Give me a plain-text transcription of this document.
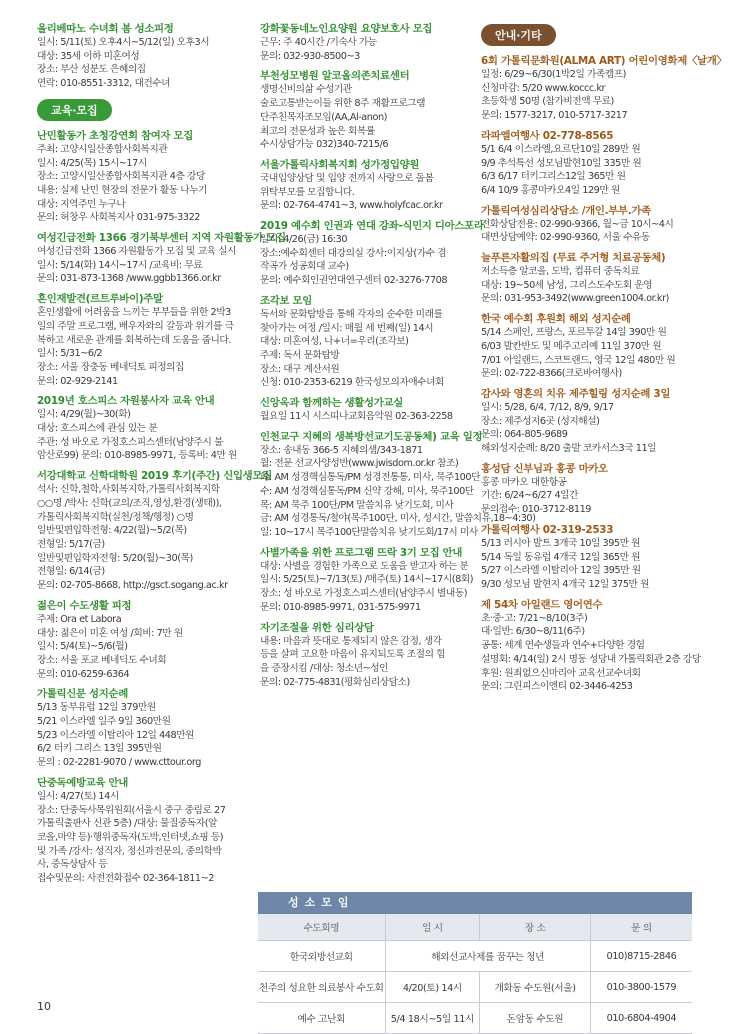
올리베따노 수녀회 봄 성소피정
일시: 5/11(토) 오후4시~5/12(일) 오후3시
대상: 35세 이하 미혼여성
장소: 부산 성분도 은혜의집
연락: 010-8551-3312, 대건수녀
교육·모집
난민활동가 초청강연회 참여자 모집
주최: 고양시일산종합사회복지관
일시: 4/25(목) 15시~17시
장소: 고양시일산종합사회복지관 4층 강당
내용: 실제 난민 현장의 전문가 활동 나누기
대상: 지역주민 누구나
문의: 허창우 사회복지사 031-975-3322
여성긴급전화 1366 경기북부센터 지역 자원활동가 모집
여성긴급전화 1366 자원활동가 모집 및 교육 실시
일시: 5/14(화) 14시~17시 /교육비: 무료
문의: 031-873-1368 /www.ggbb1366.or.kr
혼인재발견(르트루바이)주말
혼인생활에 어려움을 느끼는 부부들을 위한 2박3
일의 주말 프로그램, 배우자와의 갈등과 위기를 극
복하고 새로운 관계를 회복하는데 도움을 줍니다.
일시: 5/31~6/2
장소: 서울 장충동 베네딕토 피정의집
문의: 02-929-2141
2019년 호스피스 자원봉사자 교육 안내
일시: 4/29(월)~30(화)
대상: 호스피스에 관심 있는 분
주관: 성 바오로 가정호스피스센터(남양주시 불
암산로99) 문의: 010-8985-9971, 등록비: 4만 원
서강대학교 신학대학원 2019 후기(주간) 신입생모집
석사: 신학,철학,사회복지학,가톨릭사회복지학
○○명 /박사: 신학(교의/조직,영성,환경(생태)),
가톨릭사회복지학(실천/정책/행정) ○명
일반및편입학전형: 4/22(월)~5/2(목)
전형일: 5/17(금)
일반및편입학자전형: 5/20(월)~30(목)
전형일: 6/14(금)
문의: 02-705-8668, http://gsct.sogang.ac.kr
젊은이 수도생활 피정
주제: Ora et Labora
대상: 젊은이 미혼 여성 /회비: 7만 원
일시: 5/4(토)~5/6(월)
장소: 서울 포교 베네딕도 수녀회
문의: 010-6259-6364
가톨릭신문 성지순례
5/13 동부유럽 12일 379만원
5/21 이스라엘 일주 9일 360만원
5/23 이스라엘 이탈리아 12일 448만원
6/2 터키 그리스 13일 395만원
문의 : 02-2281-9070 / www.cttour.org
단중독예방교육 안내
일시: 4/27(토) 14시
장소: 단중독사목위원회(서울시 중구 중림로 27
가톨릭출판사 신관 5층) /대상: 물질중독자(알
코올,마약 등)·행위중독자(도박,인터넷,쇼핑 등)
및 가족 /강사: 성직자, 정신과전문의, 중의학박
사, 중독상담사 등
접수및문의: 사전전화접수 02-364-1811~2
강화꽃동네노인요양원 요양보호사 모집
근무: 주 40시간 /기숙사 가능
문의: 032-930-8500~3
부천성모병원 알코올의존치료센터
생명신비의삶 수성기관
술로고통받는이들 위한 8주 재활프로그램
단주친목자조모임(AA,Al-anon)
최고의 전문성과 높은 회복률
수시상담가능 032)340-7215/6
서울가톨릭사회복지회 성가정입양원
국내입양상담 및 입양 전까지 사랑으로 돌봄
위탁부모를 모집합니다.
문의: 02-764-4741~3, www.holyfcac.or.kr
2019 예수회 인권과 연대 강좌-식민지 디아스포라
일시: 4/26(금) 16:30
장소:예수회센터 대강의실 강사:이지상(가수 겸
작곡가 성공회대 교수)
문의: 예수회인권연대연구센터 02-3276-7708
조각보 모임
독서와 문화탐방을 통해 각자의 순수한 미래를
찾아가는 여정 /일시: 매월 세 번째(일) 14시
대상: 미혼여성, 나+너=우리(조각보)
주제: 독서 문화탐방
장소: 대구 계산서원
신청: 010-2353-6219 한국성모의자애수녀회
신앙옥과 함께하는 생활성가교실
월요일 11시 시스띠나교회음악원 02-363-2258
인천교구 지혜의 생복방선교기도공동체) 교육 일정
장소: 송내동 366-5 지혜의샘/343-1871
월: 전문 선교사양성반(www.jwisdom.or.kr 참조)
화: AM 성경핵심통독/PM 성경전통통, 미사, 묵주100단
수: AM 성경핵심통독/PM 신약 강해, 미사, 묵주100단
목: AM 묵주 100단/PM 말씀치유 낮기도회, 미사
금: AM 성경통독/철야(목주100단, 미사, 성시간, 말씀치유,18~4:30)
일: 10~17시 목주100단말씀치유 낮기도회/17시 미사
사별가족을 위한 프로그램 뜨락 3기 모집 안내
대상: 사별을 경험한 가족으로 도움을 받고자 하는 분
일시: 5/25(토)~7/13(토) /매주(토) 14시~17시(8회)
장소: 성 바오로 가정호스피스센터(남양주시 별내동)
문의: 010-8985-9971, 031-575-9971
자기조절을 위한 심리상담
내용: 마음과 뜻대로 통제되지 않은 감정, 생각
등을 살펴 고요한 마음이 유지되도록 조절의 힘
을 증장시킴 /대상: 청소년~성인
문의: 02-775-4831(평화심리상담소)
안내·기타
6회 가톨릭문화원(ALMA ART) 어린이영화제〈날개〉
일정: 6/29~6/30(1박2일 가족캠프)
신청마감: 5/20 www.koccc.kr
초등학생 50명 (참가비전액 무료)
문의: 1577-3217, 010-5717-3217
라파엘여행사 02-778-8565
5/1 6/4 이스라엘,요르단10일 289만 원
9/9 추석특선 성모님발현10일 335만 원
6/3 6/17 터키그리스12일 365만 원
6/4 10/9 홍콩마카오4일 129만 원
가톨릭여성심리상담소 /개인.부부.가족
전화상담전용: 02-990-9366, 월~금 10시~4시
대면상담예약: 02-990-9360, 서울 수유동
늘푸른자활의집 (무료 주거형 치료공동체)
저소득층 알코올, 도박, 컴퓨터 중독치료
대상: 19~50세 남성, 그리스도수도회 운영
문의: 031-953-3492(www.green1004.or.kr)
한국 예수회 후원회 해외 성지순례
5/14 스페인, 프랑스, 포르투갈 14일 390만 원
6/03 발칸반도 및 메주고리예 11일 370만 원
7/01 아일랜드, 스코트랜드, 영국 12일 480만 원
문의: 02-722-8366(크로바여행사)
감사와 영혼의 치유 제주힐링 성지순례 3일
일시: 5/28, 6/4, 7/12, 8/9, 9/17
장소: 제주성지6곳 (성지해설)
문의: 064-805-9689
해외성지순례: 8/20 출발 코카서스3국 11일
홍성담 신부님과 홍콩 마카오
홍콩 마카오 대한항공
기간: 6/24~6/27 4일간
문의접수: 010-3712-8119
가톨릭여행사 02-319-2533
5/13 러시아 발트 3개국 10일 395만 원
5/14 독일 동유럽 4개국 12일 365만 원
5/27 이스라엘 이탈리아 12일 395만 원
9/30 성모님 발현지 4개국 12일 375만 원
제 54차 아일랜드 영어연수
초·중·고: 7/21~8/10(3주)
대·일반: 6/30~8/11(6주)
공통: 세계 연수생들과 연수+다양한 경험
설명회: 4/14(일) 2시 명동 성당내 가톨릭회관 2층 강당
후원: 원죄없으신마리아 교육선교수녀회
문의: 그린피스이엔티 02-3446-4253
성소모임
수도회명	일 시	장 소	문 의
한국외방선교회	해외선교사제를 꿈꾸는 청년		010)8715-2846
천주의 성요한 의료봉사 수도회	4/20(토) 14시	개화동 수도원(서울)	010-3800-1579
예수 고난회	5/4 18시~5일 11시	돈암동 수도원	010-6804-4904
10
